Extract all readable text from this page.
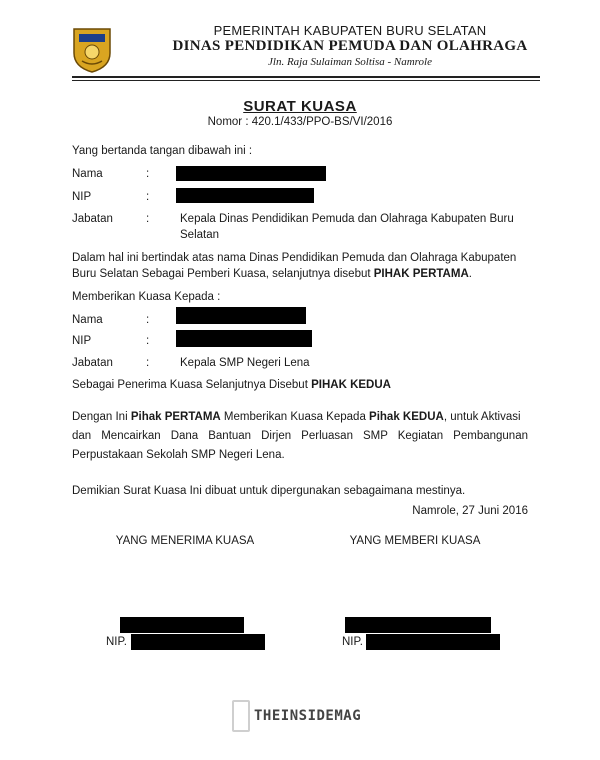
PEMERINTAH KABUPATEN BURU SELATAN
DINAS PENDIDIKAN PEMUDA DAN OLAHRAGA
Jln. Raja Sulaiman Soltisa - Namrole
SURAT KUASA
Nomor : 420.1/433/PPO-BS/VI/2016
Yang bertanda tangan dibawah ini :
Nama	:
NIP	:
Jabatan	:	Kepala Dinas Pendidikan Pemuda dan Olahraga Kabupaten Buru
Selatan
Dalam hal ini bertindak atas nama Dinas Pendidikan Pemuda dan Olahraga Kabupaten
Buru Selatan Sebagai Pemberi Kuasa, selanjutnya disebut PIHAK PERTAMA.
Memberikan Kuasa Kepada :
Nama	:
NIP	:
Jabatan	:	Kepala SMP Negeri Lena
Sebagai Penerima Kuasa Selanjutnya Disebut PIHAK KEDUA
Dengan Ini Pihak PERTAMA Memberikan Kuasa Kepada Pihak KEDUA, untuk Aktivasi
dan Mencairkan Dana Bantuan Dirjen Perluasan SMP Kegiatan Pembangunan
Perpustakaan Sekolah SMP Negeri Lena.
Demikian Surat Kuasa Ini dibuat untuk dipergunakan sebagaimana mestinya.
Namrole, 27 Juni 2016
YANG MENERIMA KUASA	YANG MEMBERI KUASA
NIP.	NIP.
THEINSIDEMAG
